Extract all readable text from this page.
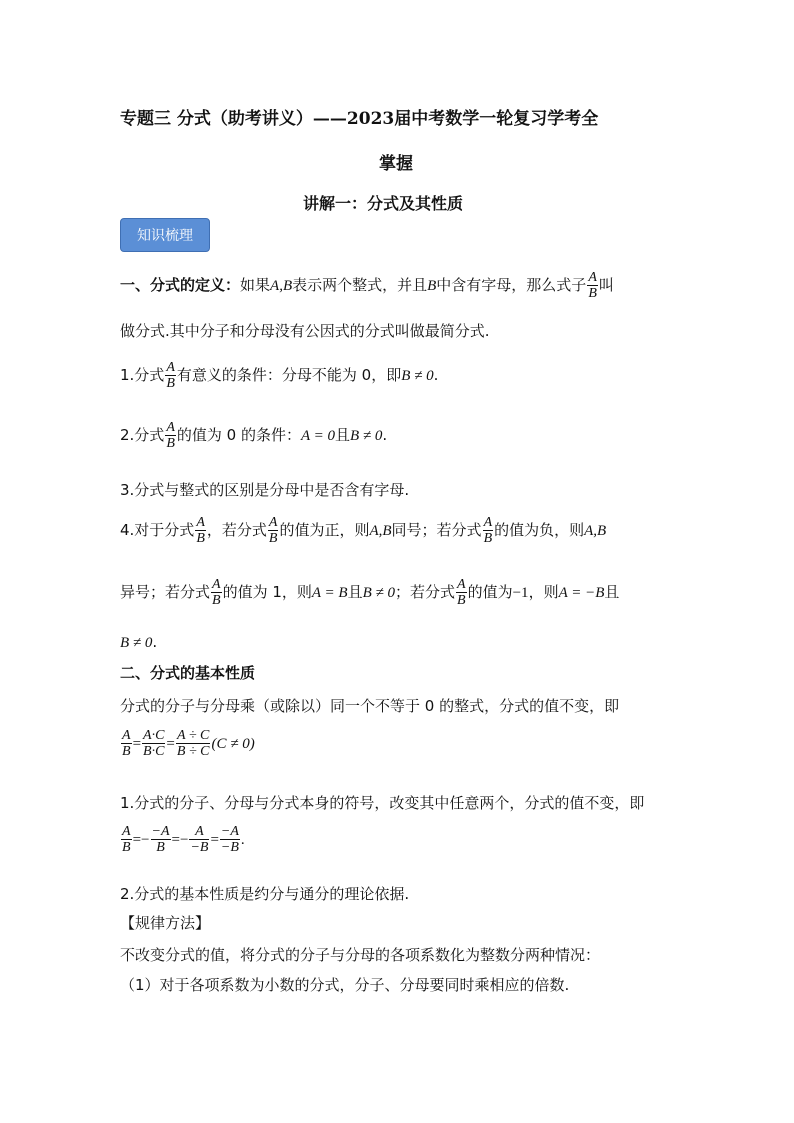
专题三 分式（助考讲义）——2023届中考数学一轮复习学考全
掌握
讲解一：分式及其性质
知识梳理
一、分式的定义：如果A,B表示两个整式，并且B中含有字母，那么式子 $\frac{A}{B}$ 叫
做分式.其中分子和分母没有公因式的分式叫做最简分式.
1.分式 $\frac{A}{B}$ 有意义的条件：分母不能为 0，即B ≠ 0.
2.分式 $\frac{A}{B}$ 的值为 0 的条件：A = 0且B ≠ 0.
3.分式与整式的区别是分母中是否含有字母.
4.对于分式 $\frac{A}{B}$ ，若分式 $\frac{A}{B}$ 的值为正，则A,B同号；若分式 $\frac{A}{B}$ 的值为负，则A,B
异号；若分式 $\frac{A}{B}$ 的值为 1，则A = B且B ≠ 0；若分式 $\frac{A}{B}$ 的值为−1，则A = −B且
B ≠ 0.
二、分式的基本性质
分式的分子与分母乘（或除以）同一个不等于 0 的整式，分式的值不变，即
$\frac{A}{B} = \frac{A\cdot C}{B\cdot C} = \frac{A \div C}{B \div C} (C \ne 0)$
1.分式的分子、分母与分式本身的符号，改变其中任意两个，分式的值不变，即
$\frac{A}{B} =- \frac{-A}{B} =- \frac{A}{-B} = \frac{-A}{-B}$ .
2.分式的基本性质是约分与通分的理论依据.
【规律方法】
不改变分式的值，将分式的分子与分母的各项系数化为整数分两种情况：
（1）对于各项系数为小数的分式，分子、分母要同时乘相应的倍数.
